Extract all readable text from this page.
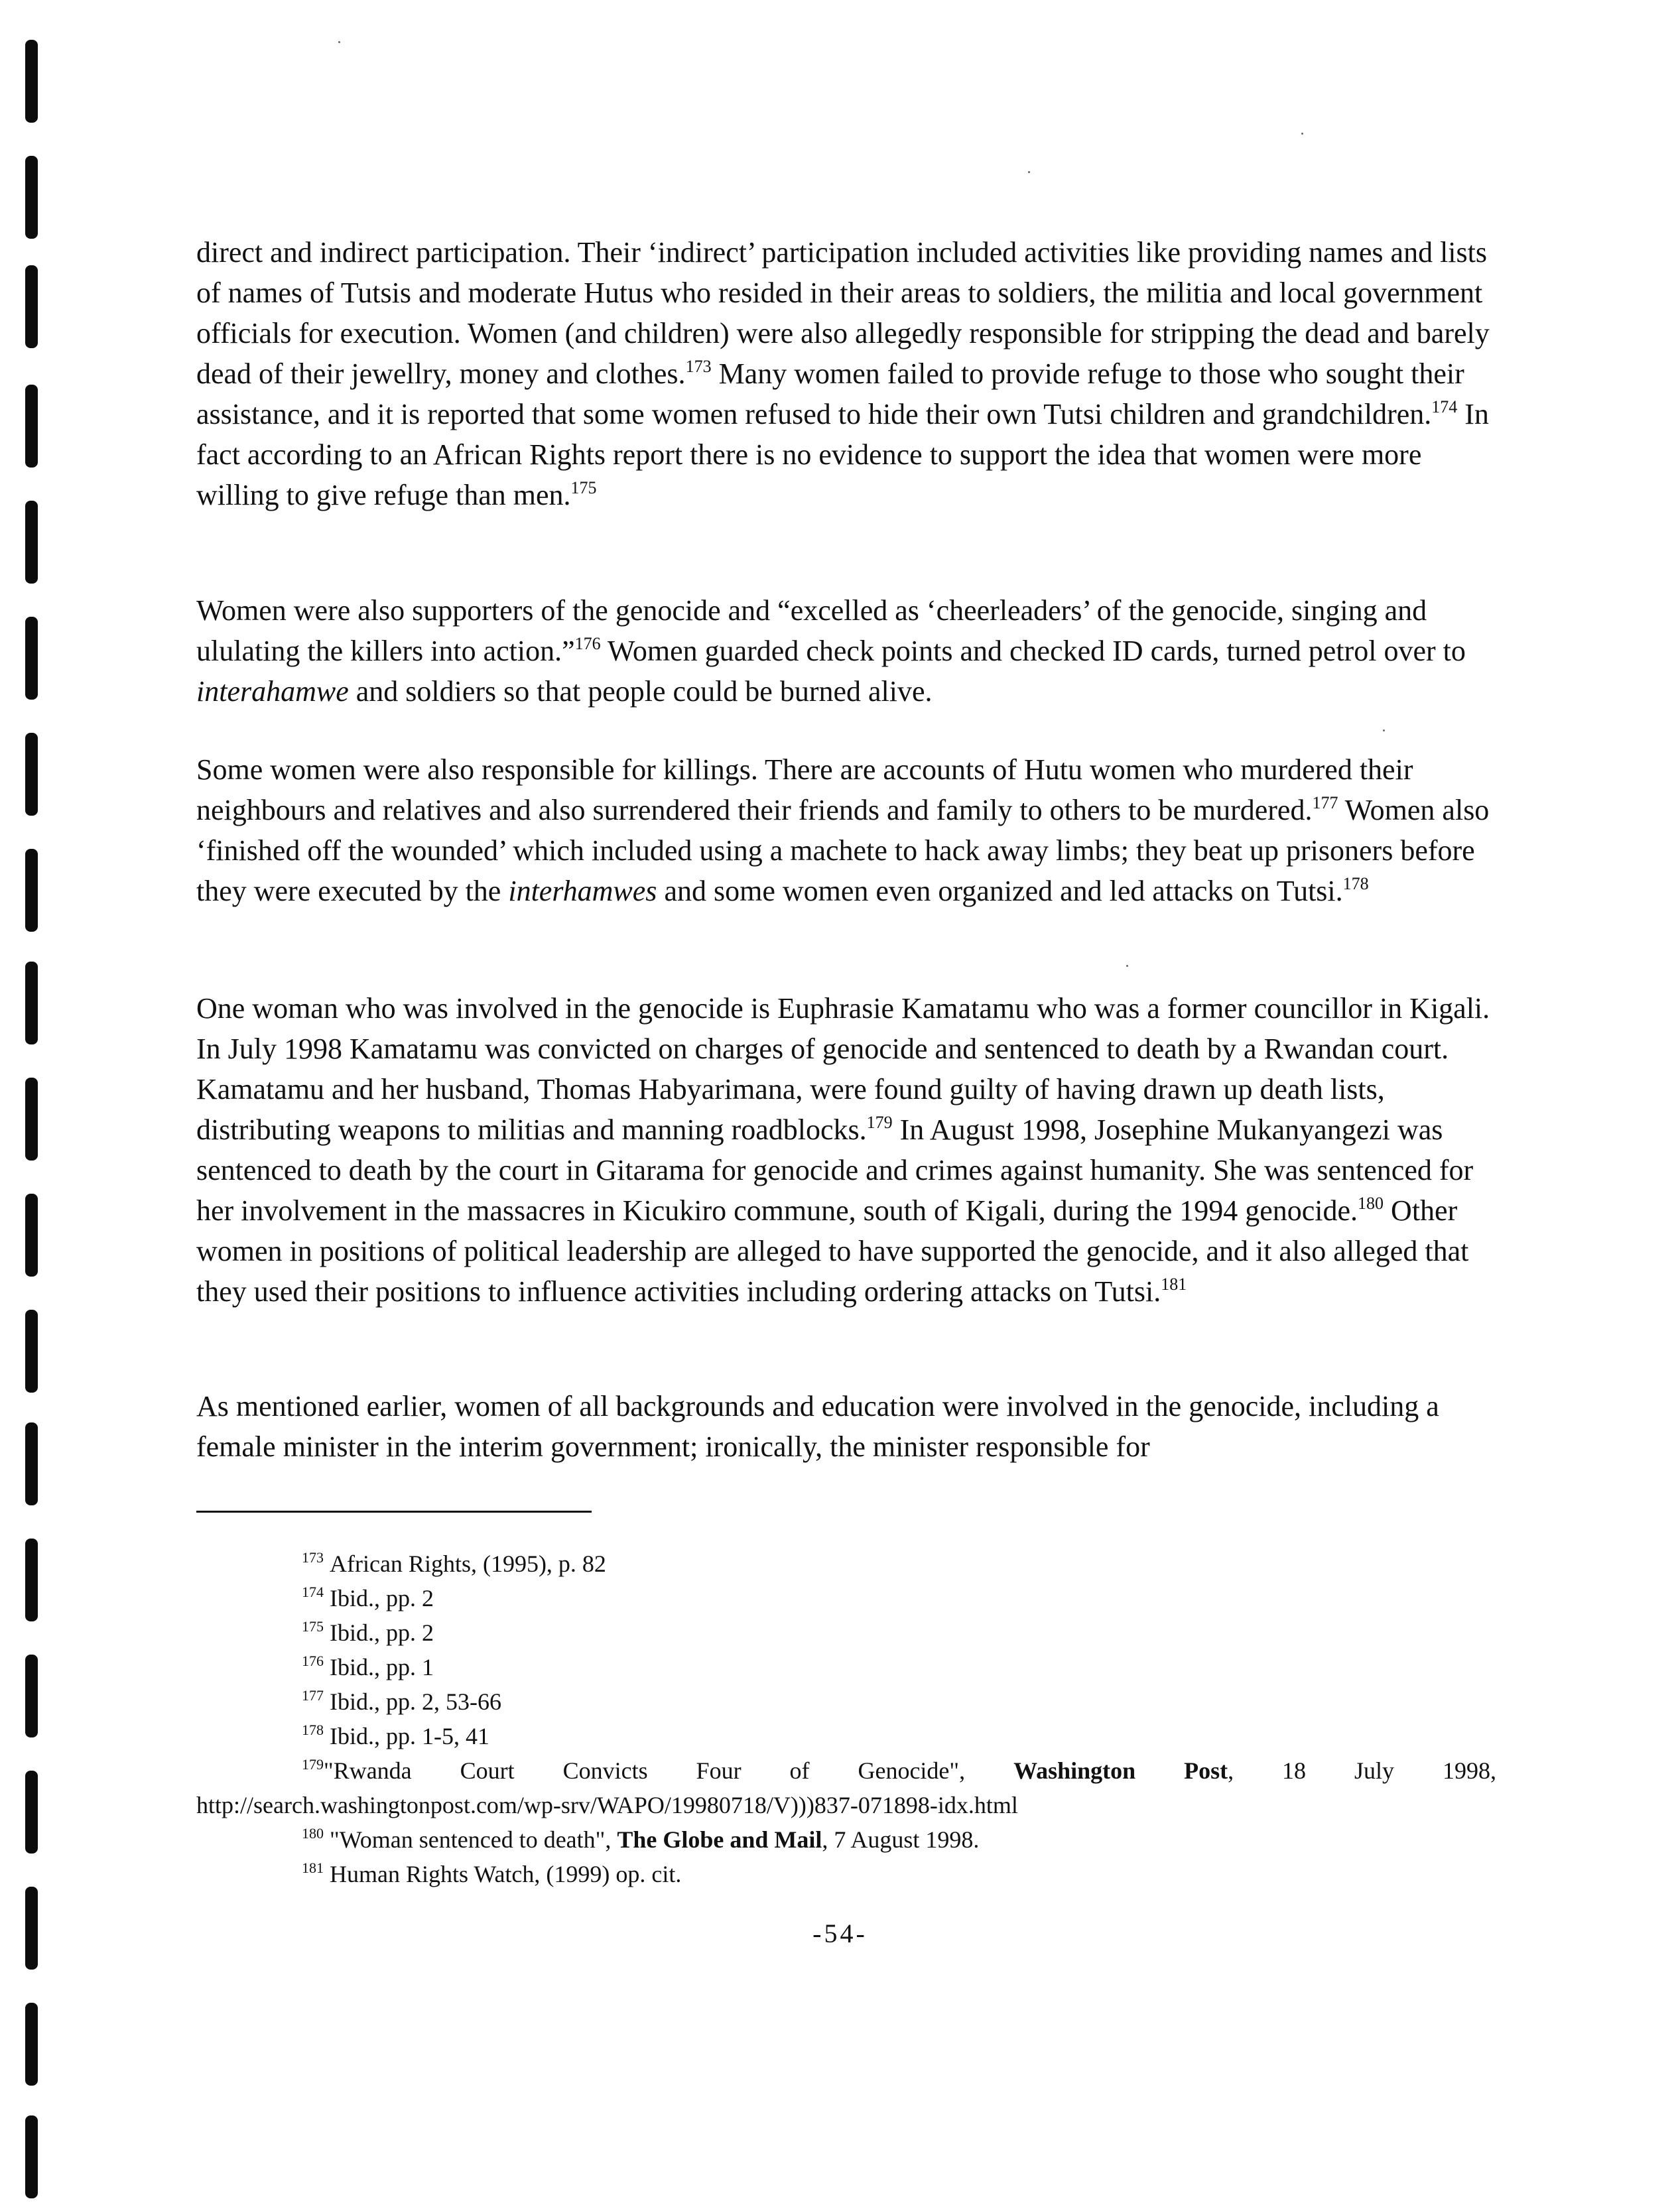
direct and indirect participation. Their ‘indirect’ participation included activities like providing names and lists of names of Tutsis and moderate Hutus who resided in their areas to soldiers, the militia and local government officials for execution. Women (and children) were also allegedly responsible for stripping the dead and barely dead of their jewellry, money and clothes.$^{173}$ Many women failed to provide refuge to those who sought their assistance, and it is reported that some women refused to hide their own Tutsi children and grandchildren.$^{174}$ In fact according to an African Rights report there is no evidence to support the idea that women were more willing to give refuge than men.$^{175}$

Women were also supporters of the genocide and “excelled as ‘cheerleaders’ of the genocide, singing and ululating the killers into action.”$^{176}$ Women guarded check points and checked ID cards, turned petrol over to interahamwe and soldiers so that people could be burned alive.

Some women were also responsible for killings. There are accounts of Hutu women who murdered their neighbours and relatives and also surrendered their friends and family to others to be murdered.$^{177}$ Women also ‘finished off the wounded’ which included using a machete to hack away limbs; they beat up prisoners before they were executed by the interhamwes and some women even organized and led attacks on Tutsi.$^{178}$

One woman who was involved in the genocide is Euphrasie Kamatamu who was a former councillor in Kigali. In July 1998 Kamatamu was convicted on charges of genocide and sentenced to death by a Rwandan court. Kamatamu and her husband, Thomas Habyarimana, were found guilty of having drawn up death lists, distributing weapons to militias and manning roadblocks.$^{179}$ In August 1998, Josephine Mukanyangezi was sentenced to death by the court in Gitarama for genocide and crimes against humanity. She was sentenced for her involvement in the massacres in Kicukiro commune, south of Kigali, during the 1994 genocide.$^{180}$ Other women in positions of political leadership are alleged to have supported the genocide, and it also alleged that they used their positions to influence activities including ordering attacks on Tutsi.$^{181}$

As mentioned earlier, women of all backgrounds and education were involved in the genocide, including a female minister in the interim government; ironically, the minister responsible for

$^{173}$ African Rights, (1995), p. 82
$^{174}$ Ibid., pp. 2
$^{175}$ Ibid., pp. 2
$^{176}$ Ibid., pp. 1
$^{177}$ Ibid., pp. 2, 53-66
$^{178}$ Ibid., pp. 1-5, 41
$^{179}$"Rwanda Court Convicts Four of Genocide", Washington Post, 18 July 1998,
http://search.washingtonpost.com/wp-srv/WAPO/19980718/V)))837-071898-idx.html
$^{180}$ "Woman sentenced to death", The Globe and Mail, 7 August 1998.
$^{181}$ Human Rights Watch, (1999) op. cit.
-54-
